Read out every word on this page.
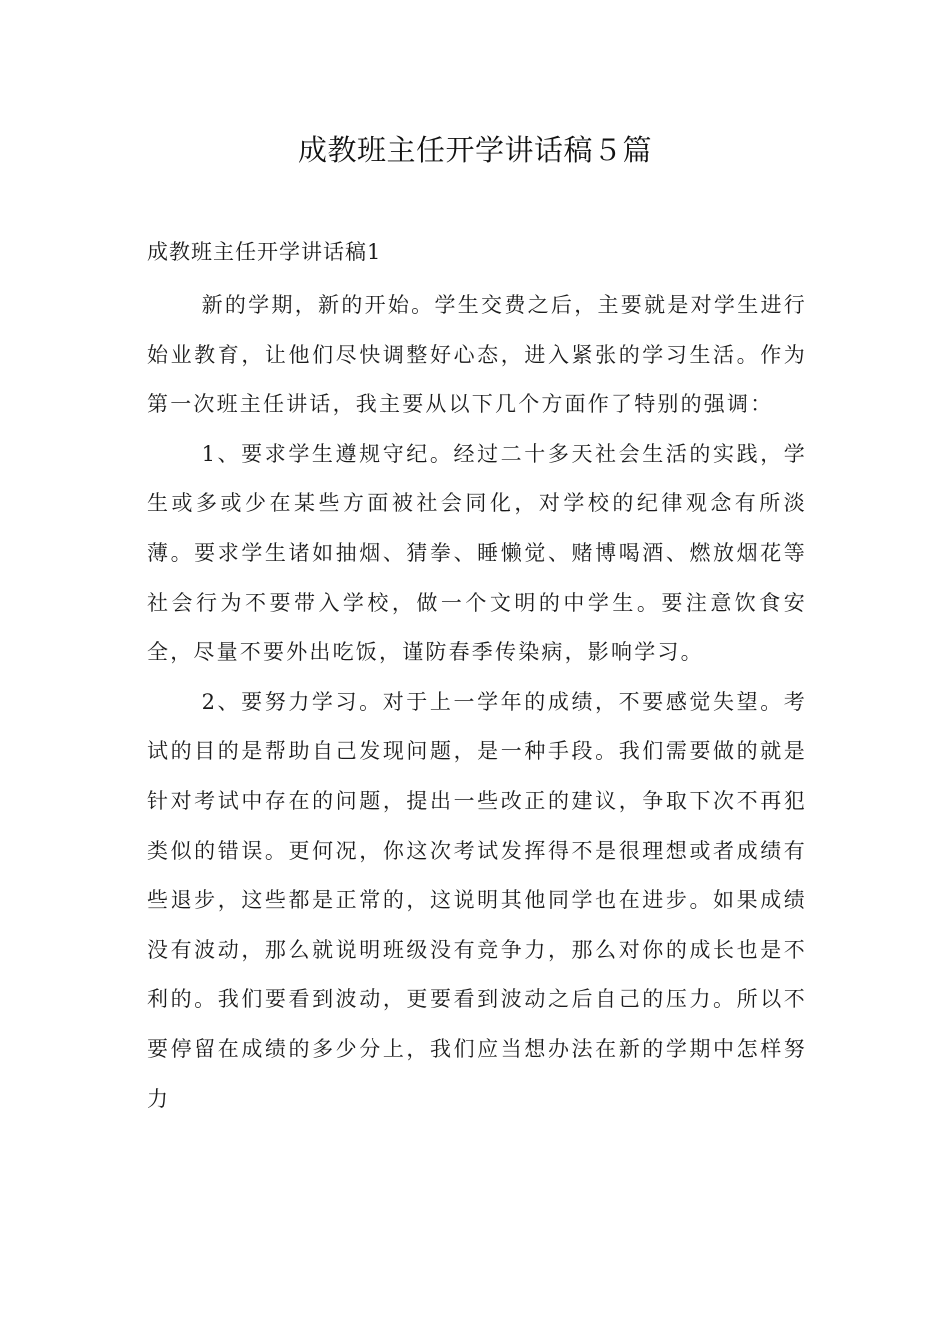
成教班主任开学讲话稿５篇
成教班主任开学讲话稿1

新的学期，新的开始。学生交费之后，主要就是对学生进行始业教育，让他们尽快调整好心态，进入紧张的学习生活。作为第一次班主任讲话，我主要从以下几个方面作了特别的强调：

1、要求学生遵规守纪。经过二十多天社会生活的实践，学生或多或少在某些方面被社会同化，对学校的纪律观念有所淡薄。要求学生诸如抽烟、猜拳、睡懒觉、赌博喝酒、燃放烟花等社会行为不要带入学校，做一个文明的中学生。要注意饮食安全，尽量不要外出吃饭，谨防春季传染病，影响学习。

2、要努力学习。对于上一学年的成绩，不要感觉失望。考试的目的是帮助自己发现问题，是一种手段。我们需要做的就是针对考试中存在的问题，提出一些改正的建议，争取下次不再犯类似的错误。更何况，你这次考试发挥得不是很理想或者成绩有些退步，这些都是正常的，这说明其他同学也在进步。如果成绩没有波动，那么就说明班级没有竞争力，那么对你的成长也是不利的。我们要看到波动，更要看到波动之后自己的压力。所以不要停留在成绩的多少分上，我们应当想办法在新的学期中怎样努力
